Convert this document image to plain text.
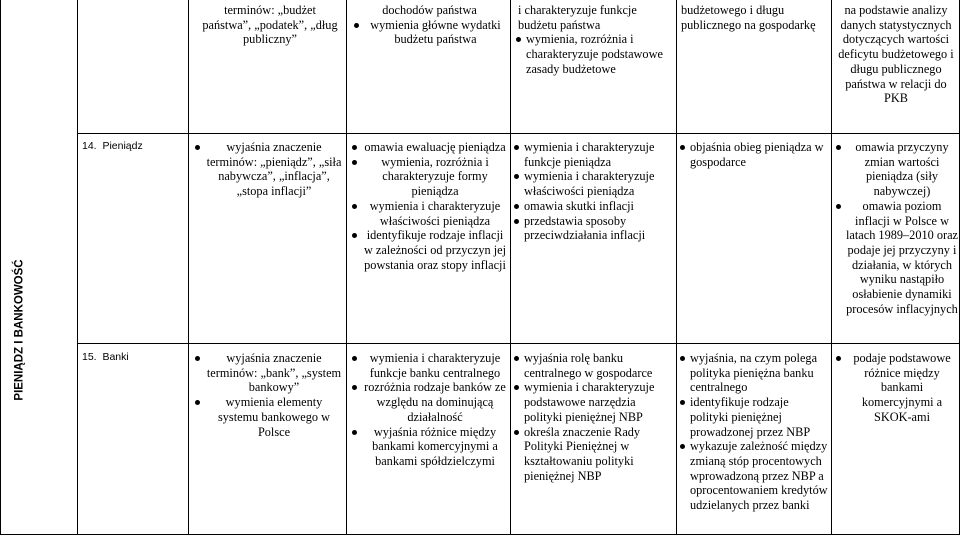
PIENIĄDZ I BANKOWOŚĆ

terminów: „budżet państwa”, „podatek”, „dług publiczny”

dochodów państwa

wymienia główne wydatki budżetu państwa

i charakteryzuje funkcje budżetu państwa

wymienia, rozróżnia i charakteryzuje podstawowe zasady budżetowe

budżetowego i długu publicznego na gospodarkę

na podstawie analizy danych statystycznych dotyczących wartości deficytu budżetowego i długu publicznego państwa w relacji do PKB

14. Pieniądz	wyjaśnia znaczenie terminów: „pieniądz”, „siła nabywcza”, „inflacja”, „stopa inflacji”
omawia ewaluację pieniądza
wymienia, rozróżnia i charakteryzuje formy pieniądza
wymienia i charakteryzuje właściwości pieniądza
identyfikuje rodzaje inflacji w zależności od przyczyn jej powstania oraz stopy inflacji
wymienia i charakteryzuje funkcje pieniądza
wymienia i charakteryzuje właściwości pieniądza
omawia skutki inflacji
przedstawia sposoby przeciwdziałania inflacji
objaśnia obieg pieniądza w gospodarce
omawia przyczyny zmian wartości pieniądza (siły nabywczej)
omawia poziom inflacji w Polsce w latach 1989–2010 oraz podaje jej przyczyny i działania, w których wyniku nastąpiło osłabienie dynamiki procesów inflacyjnych
15. Banki	wyjaśnia znaczenie terminów: „bank”, „system bankowy”
wymienia elementy systemu bankowego w Polsce
wymienia i charakteryzuje funkcje banku centralnego
rozróżnia rodzaje banków ze względu na dominującą działalność
wyjaśnia różnice między bankami komercyjnymi a bankami spółdzielczymi
wyjaśnia rolę banku centralnego w gospodarce
wymienia i charakteryzuje podstawowe narzędzia polityki pieniężnej NBP
określa znaczenie Rady Polityki Pieniężnej w kształtowaniu polityki pieniężnej NBP
wyjaśnia, na czym polega polityka pieniężna banku centralnego
identyfikuje rodzaje polityki pieniężnej prowadzonej przez NBP
wykazuje zależność między zmianą stóp procentowych wprowadzoną przez NBP a oprocentowaniem kredytów udzielanych przez banki
podaje podstawowe różnice między bankami komercyjnymi a SKOK-ami
